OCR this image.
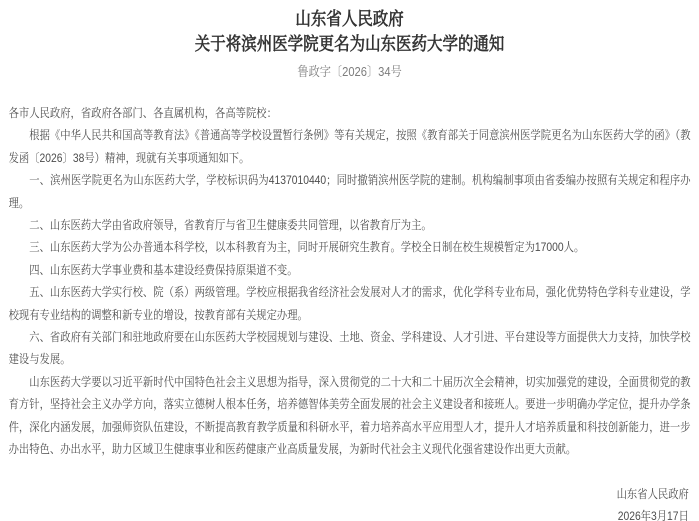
山东省人民政府
关于将滨州医学院更名为山东医药大学的通知
鲁政字〔2026〕34号

各市人民政府，省政府各部门、各直属机构，各高等院校：

根据《中华人民共和国高等教育法》《普通高等学校设置暂行条例》等有关规定，按照《教育部关于同意滨州医学院更名为山东医药大学的函》（教发函〔2026〕38号）精神，现就有关事项通知如下。

一、滨州医学院更名为山东医药大学，学校标识码为4137010440；同时撤销滨州医学院的建制。机构编制事项由省委编办按照有关规定和程序办理。

二、山东医药大学由省政府领导，省教育厅与省卫生健康委共同管理，以省教育厅为主。

三、山东医药大学为公办普通本科学校，以本科教育为主，同时开展研究生教育。学校全日制在校生规模暂定为17000人。

四、山东医药大学事业费和基本建设经费保持原渠道不变。

五、山东医药大学实行校、院（系）两级管理。学校应根据我省经济社会发展对人才的需求，优化学科专业布局，强化优势特色学科专业建设，学校现有专业结构的调整和新专业的增设，按教育部有关规定办理。

六、省政府有关部门和驻地政府要在山东医药大学校园规划与建设、土地、资金、学科建设、人才引进、平台建设等方面提供大力支持，加快学校建设与发展。

山东医药大学要以习近平新时代中国特色社会主义思想为指导，深入贯彻党的二十大和二十届历次全会精神，切实加强党的建设，全面贯彻党的教育方针，坚持社会主义办学方向，落实立德树人根本任务，培养德智体美劳全面发展的社会主义建设者和接班人。要进一步明确办学定位，提升办学条件，深化内涵发展，加强师资队伍建设，不断提高教育教学质量和科研水平，着力培养高水平应用型人才，提升人才培养质量和科技创新能力，进一步办出特色、办出水平，助力区域卫生健康事业和医药健康产业高质量发展，为新时代社会主义现代化强省建设作出更大贡献。

山东省人民政府
2026年3月17日
